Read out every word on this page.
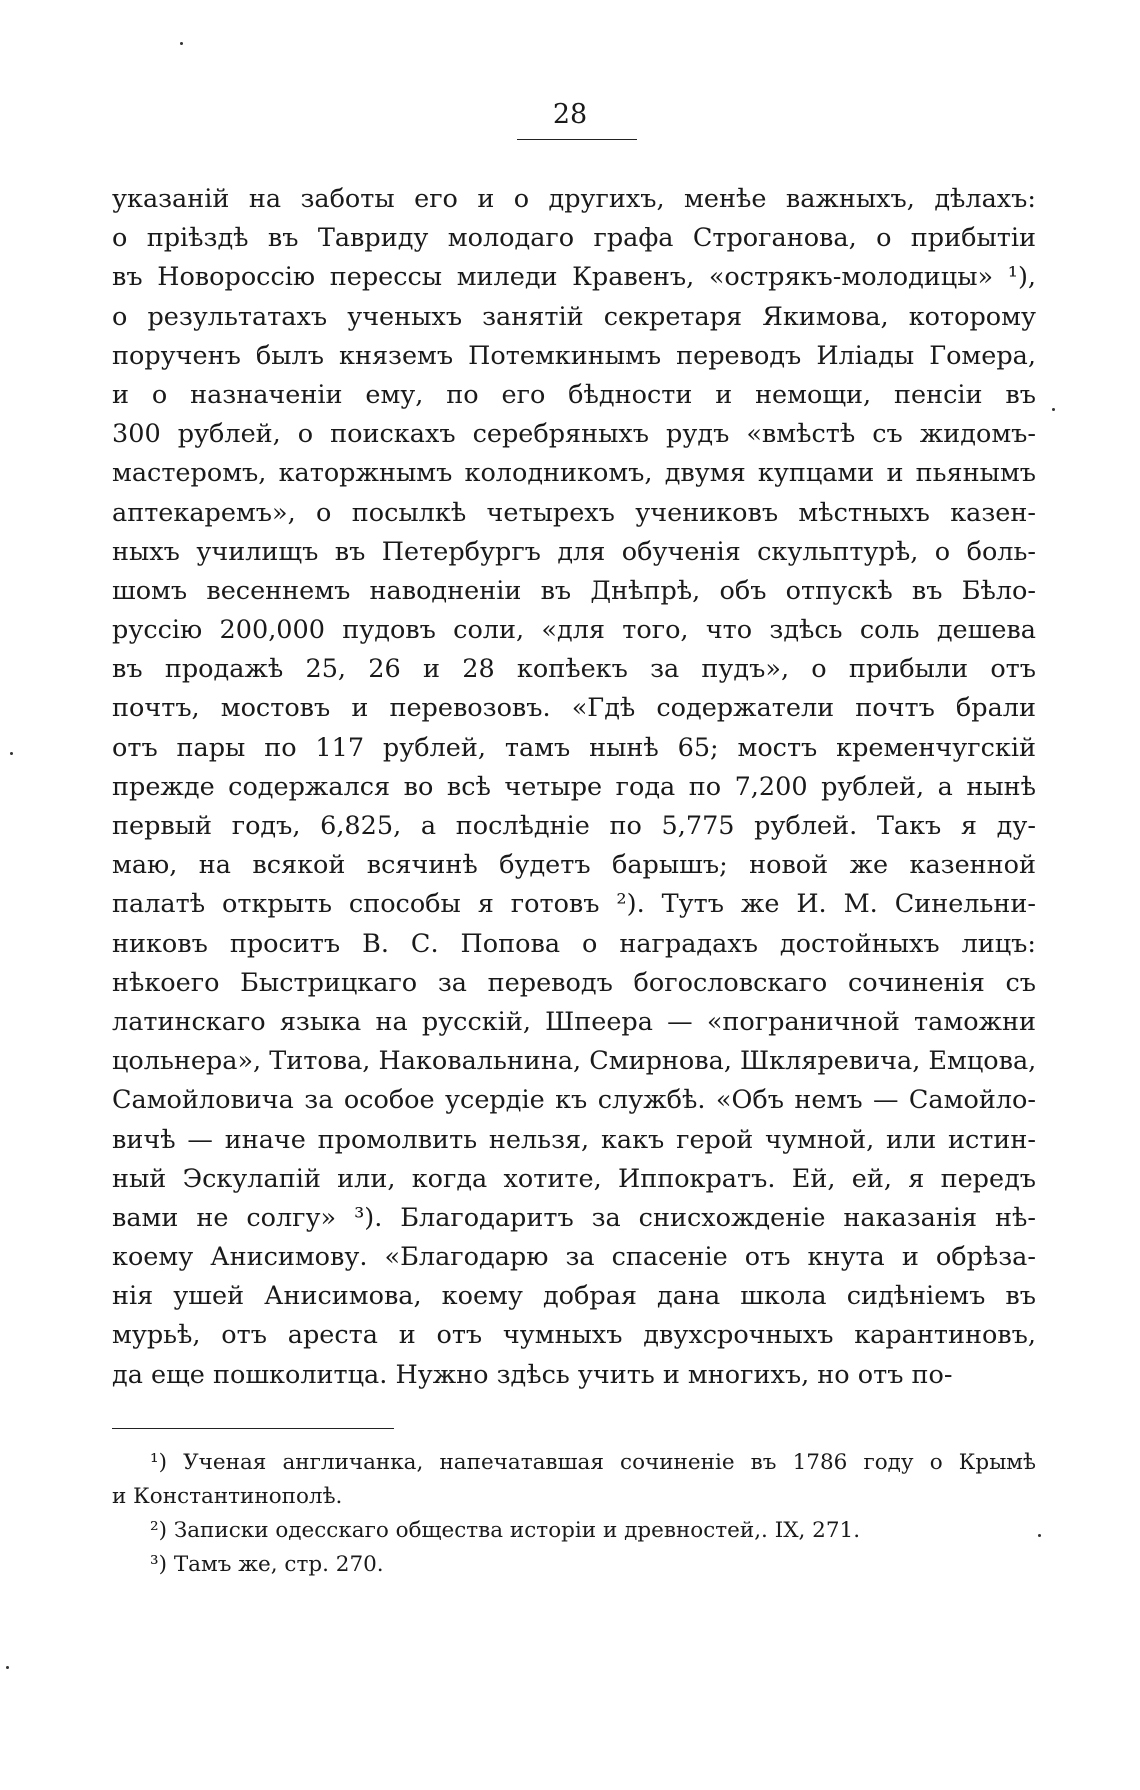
28
указаній на заботы его и о другихъ, менѣе важныхъ, дѣлахъ:
о пріѣздѣ въ Тавриду молодаго графа Строганова, о прибытіи
въ Новороссію пересcы миледи Кравенъ, «острякъ-молодицы» ¹),
о результатахъ ученыхъ занятій секретаря Якимова, которому
порученъ былъ княземъ Потемкинымъ переводъ Иліады Гомера,
и о назначеніи ему, по его бѣдности и немощи, пенсіи въ
300 рублей, о поискахъ серебряныхъ рудъ «вмѣстѣ съ жидомъ-
мастеромъ, каторжнымъ колодникомъ, двумя купцами и пьянымъ
аптекаремъ», о посылкѣ четырехъ учениковъ мѣстныхъ казен-
ныхъ училищъ въ Петербургъ для обученія скульптурѣ, о боль-
шомъ весеннемъ наводненіи въ Днѣпрѣ, объ отпускѣ въ Бѣло-
руссію 200,000 пудовъ соли, «для того, что здѣсь соль дешева
въ продажѣ 25, 26 и 28 копѣекъ за пудъ», о прибыли отъ
почтъ, мостовъ и перевозовъ. «Гдѣ содержатели почтъ брали
отъ пары по 117 рублей, тамъ нынѣ 65; мостъ кременчугскій
прежде содержался во всѣ четыре года по 7,200 рублей, а нынѣ
первый годъ, 6,825, а послѣдніе по 5,775 рублей. Такъ я ду-
маю, на всякой всячинѣ будетъ барышъ; новой же казенной
палатѣ открыть способы я готовъ ²). Тутъ же И. М. Синельни-
никовъ проситъ В. С. Попова о наградахъ достойныхъ лицъ:
нѣкоего Быстрицкаго за переводъ богословскаго сочиненія съ
латинскаго языка на русскій, Шпеера — «пограничной таможни
цольнера», Титова, Наковальнина, Смирнова, Шкляревича, Емцова,
Самойловича за особое усердіе къ службѣ. «Объ немъ — Самойло-
вичѣ — иначе промолвить нельзя, какъ герой чумной, или истин-
ный Эскулапій или, когда хотите, Иппократъ. Ей, ей, я передъ
вами не солгу» ³). Благодаритъ за снисхожденіе наказанія нѣ-
коему Анисимову. «Благодарю за спасеніе отъ кнута и обрѣза-
нія ушей Анисимова, коему добрая дана школа сидѣніемъ въ
мурьѣ, отъ ареста и отъ чумныхъ двухсрочныхъ карантиновъ,
да еще пошколитца. Нужно здѣсь учить и многихъ, но отъ по-
¹) Ученая англичанка, напечатавшая сочиненіе въ 1786 году о Крымѣ
и Константинополѣ.
²) Записки одесскаго общества исторіи и древностей,. IX, 271.
³) Тамъ же, стр. 270.
